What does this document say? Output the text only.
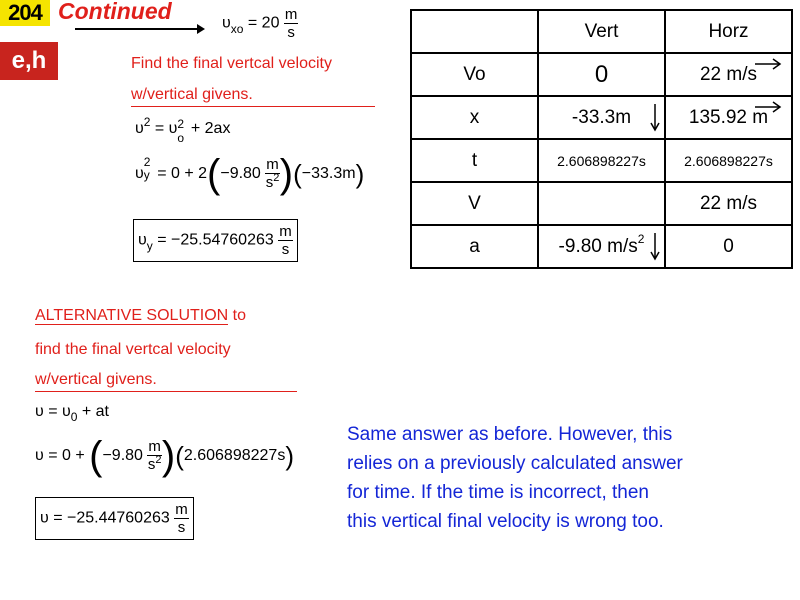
204 Continued
e,h
$\upsilon_{xo} = 20 \frac{m}{s}$
Find the final vertcal velocity
w/vertical givens.
$\upsilon^2 = \upsilon$ 2
o
+ 2ax
υ
2
$y = 0 + 2(-9.80 \frac{m}{s^2} )(-33.3m)$
$\upsilon_y = -25.54760263 \frac{m}{s}$
	Vert	Horz
Vo	0	22 m/s

x	-33.3m	135.92 m

t	2.606898227s	2.606898227s
V		22 m/s
a	-9.80 $m/s^2$	0
ALTERNATIVE SOLUTION to
find the final vertcal velocity
w/vertical givens.
$\upsilon = \upsilon_0$ + at
$\upsilon = 0 + (-9.80 \frac{m}{s^2} )(2.606898227s)$
$\upsilon = -25.44760263 \frac{m}{s}$
Same answer as before. However, this
relies on a previously calculated answer
for time. If the time is incorrect, then
this vertical final velocity is wrong too.
